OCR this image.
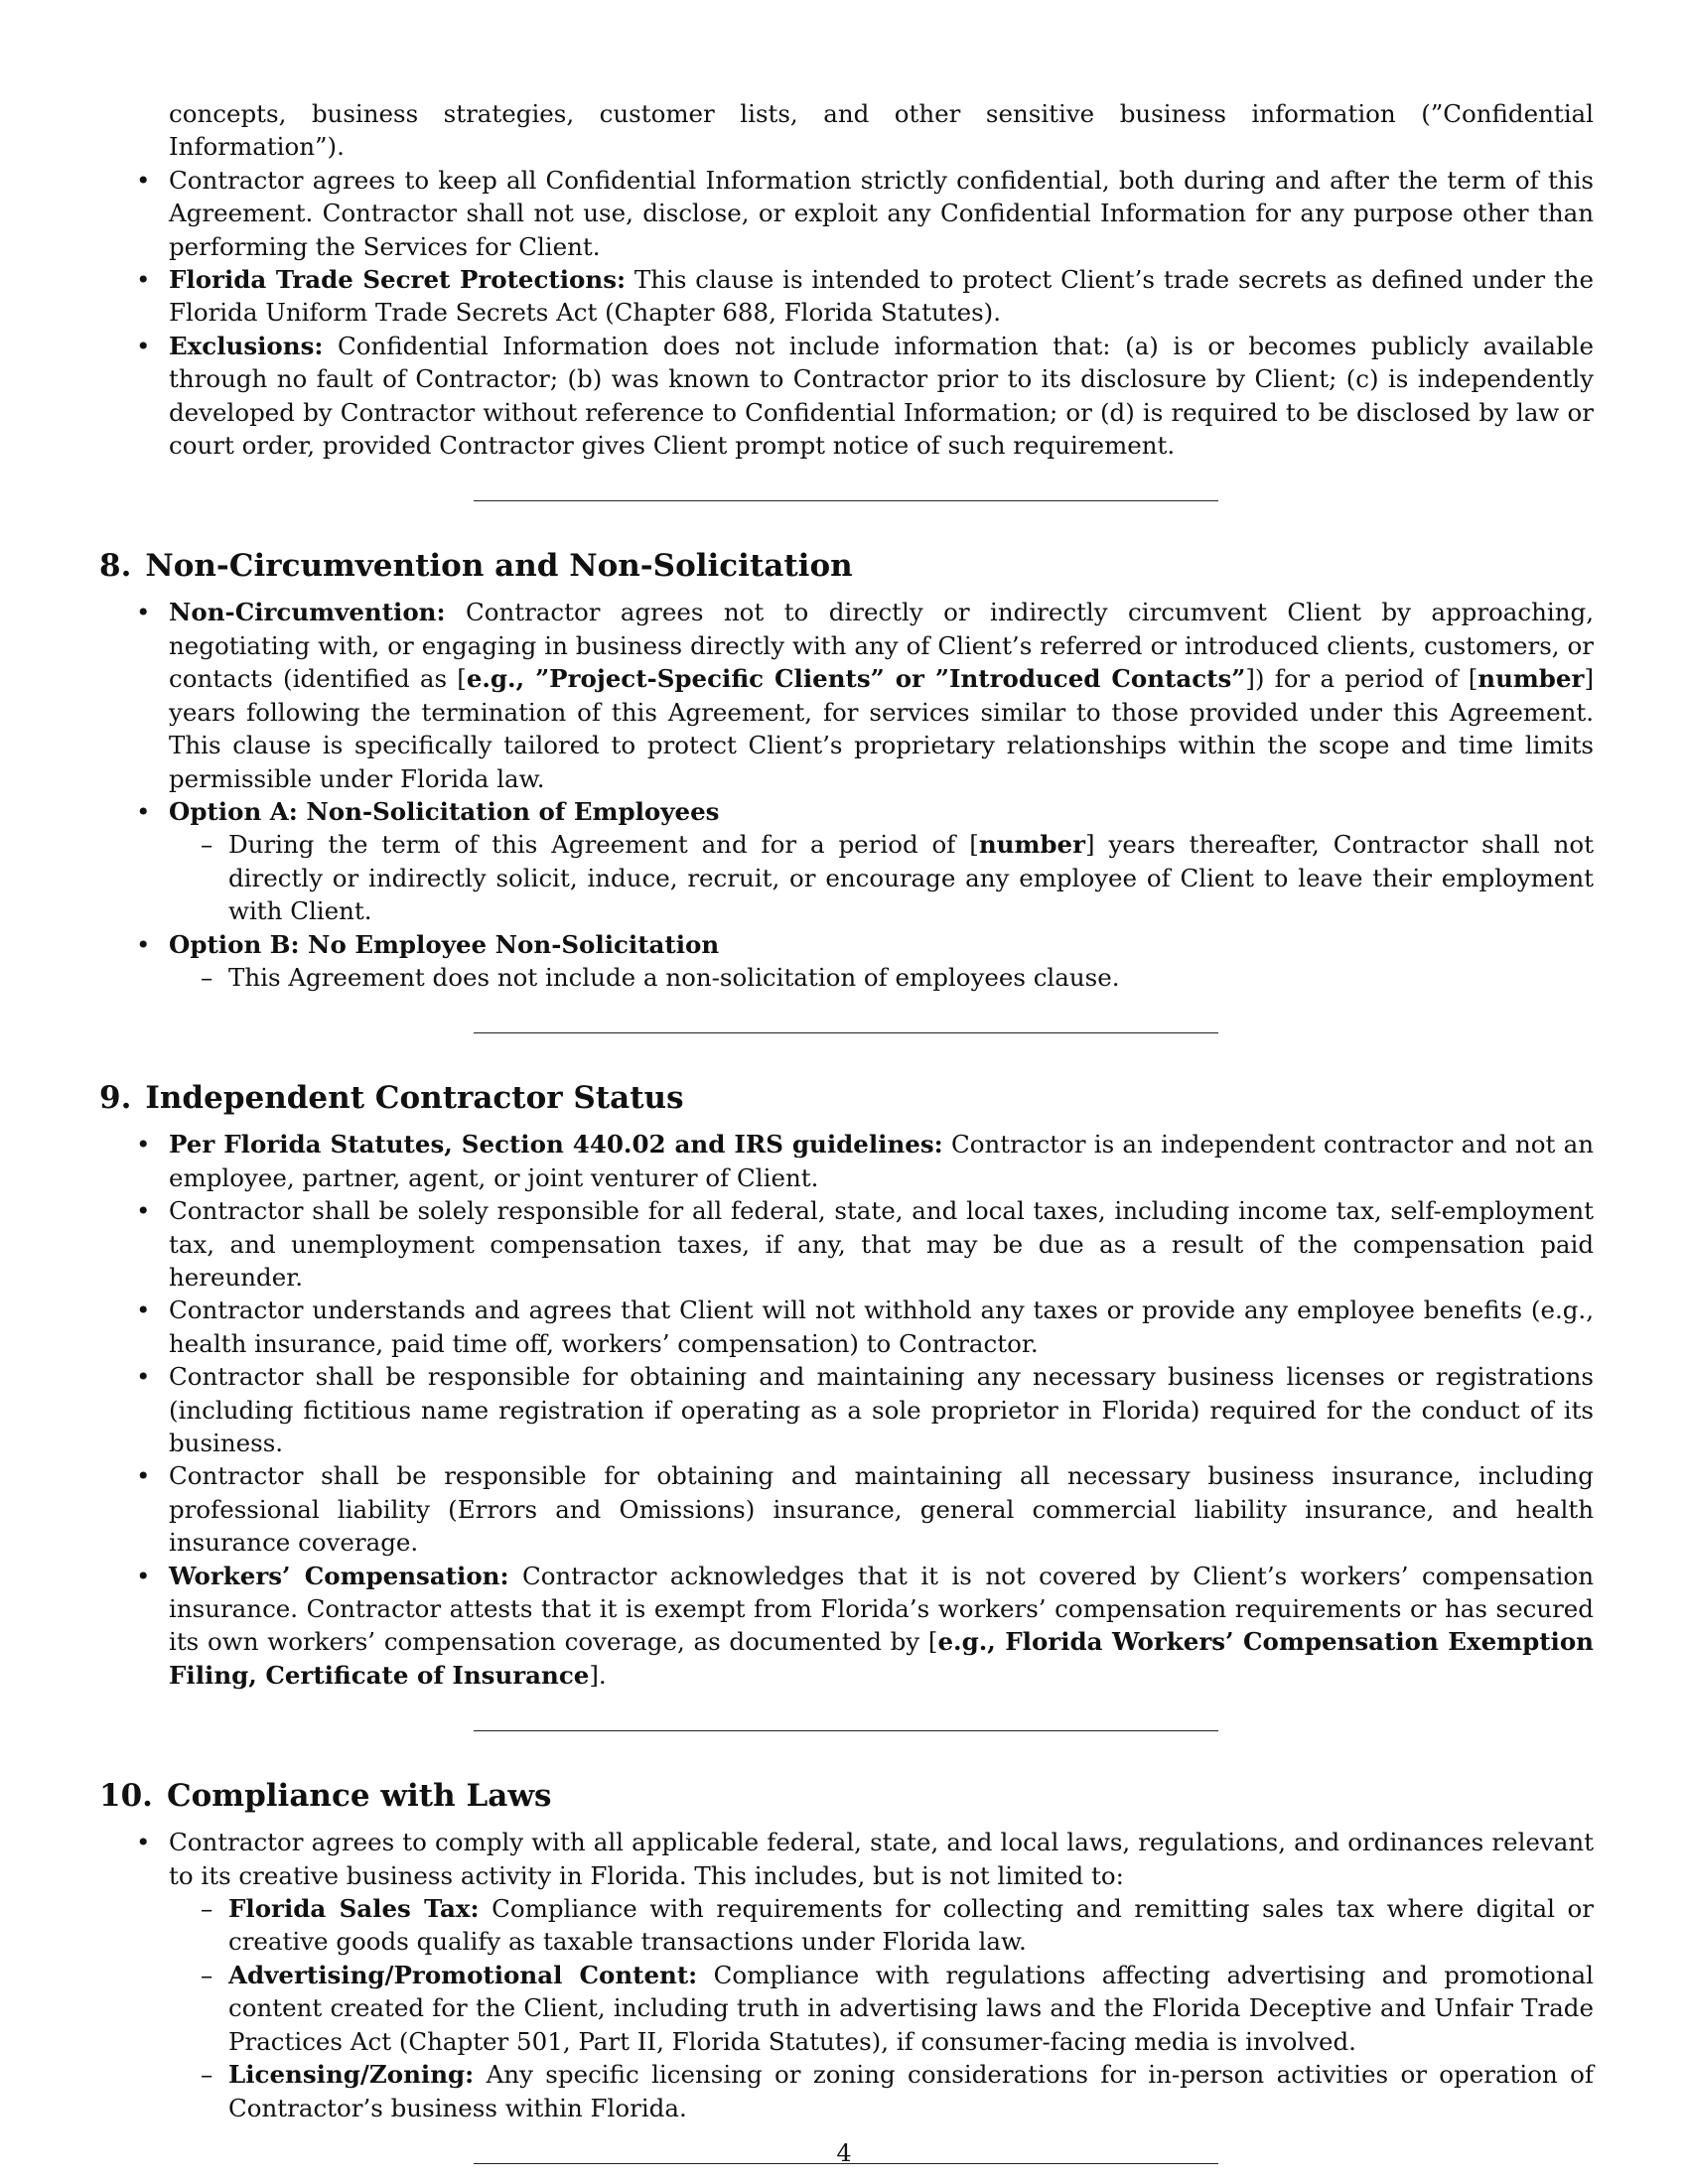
concepts, business strategies, customer lists, and other sensitive business information (”Confidential Information”).

• Contractor agrees to keep all Confidential Information strictly confidential, both during and after the term of this Agreement. Contractor shall not use, disclose, or exploit any Confidential Information for any purpose other than performing the Services for Client.
• Florida Trade Secret Protections: This clause is intended to protect Client’s trade secrets as defined under the Florida Uniform Trade Secrets Act (Chapter 688, Florida Statutes).
• Exclusions: Confidential Information does not include information that: (a) is or becomes publicly available through no fault of Contractor; (b) was known to Contractor prior to its disclosure by Client; (c) is independently developed by Contractor without reference to Confidential Information; or (d) is required to be disclosed by law or court order, provided Contractor gives Client prompt notice of such requirement.
8. Non-Circumvention and Non-Solicitation
• Non-Circumvention: Contractor agrees not to directly or indirectly circumvent Client by approaching, negotiating with, or engaging in business directly with any of Client’s referred or introduced clients, customers, or contacts (identified as [e.g., ”Project-Specific Clients” or ”Introduced Contacts”]) for a period of [number] years following the termination of this Agreement, for services similar to those provided under this Agreement. This clause is specifically tailored to protect Client’s proprietary relationships within the scope and time limits permissible under Florida law.
• Option A: Non-Solicitation of Employees
– During the term of this Agreement and for a period of [number] years thereafter, Contractor shall not directly or indirectly solicit, induce, recruit, or encourage any employee of Client to leave their employment with Client.
• Option B: No Employee Non-Solicitation
– This Agreement does not include a non-solicitation of employees clause.
9. Independent Contractor Status
• Per Florida Statutes, Section 440.02 and IRS guidelines: Contractor is an independent contractor and not an employee, partner, agent, or joint venturer of Client.
• Contractor shall be solely responsible for all federal, state, and local taxes, including income tax, self-employment tax, and unemployment compensation taxes, if any, that may be due as a result of the compensation paid hereunder.
• Contractor understands and agrees that Client will not withhold any taxes or provide any employee benefits (e.g., health insurance, paid time off, workers’ compensation) to Contractor.
• Contractor shall be responsible for obtaining and maintaining any necessary business licenses or registrations (including fictitious name registration if operating as a sole proprietor in Florida) required for the conduct of its business.
• Contractor shall be responsible for obtaining and maintaining all necessary business insurance, including professional liability (Errors and Omissions) insurance, general commercial liability insurance, and health insurance coverage.
• Workers’ Compensation: Contractor acknowledges that it is not covered by Client’s workers’ compensation insurance. Contractor attests that it is exempt from Florida’s workers’ compensation requirements or has secured its own workers’ compensation coverage, as documented by [e.g., Florida Workers’ Compensation Exemption Filing, Certificate of Insurance].
10. Compliance with Laws
• Contractor agrees to comply with all applicable federal, state, and local laws, regulations, and ordinances relevant to its creative business activity in Florida. This includes, but is not limited to:
– Florida Sales Tax: Compliance with requirements for collecting and remitting sales tax where digital or creative goods qualify as taxable transactions under Florida law.
– Advertising/Promotional Content: Compliance with regulations affecting advertising and promotional content created for the Client, including truth in advertising laws and the Florida Deceptive and Unfair Trade Practices Act (Chapter 501, Part II, Florida Statutes), if consumer-facing media is involved.
– Licensing/Zoning: Any specific licensing or zoning considerations for in-person activities or operation of Contractor’s business within Florida.
4
